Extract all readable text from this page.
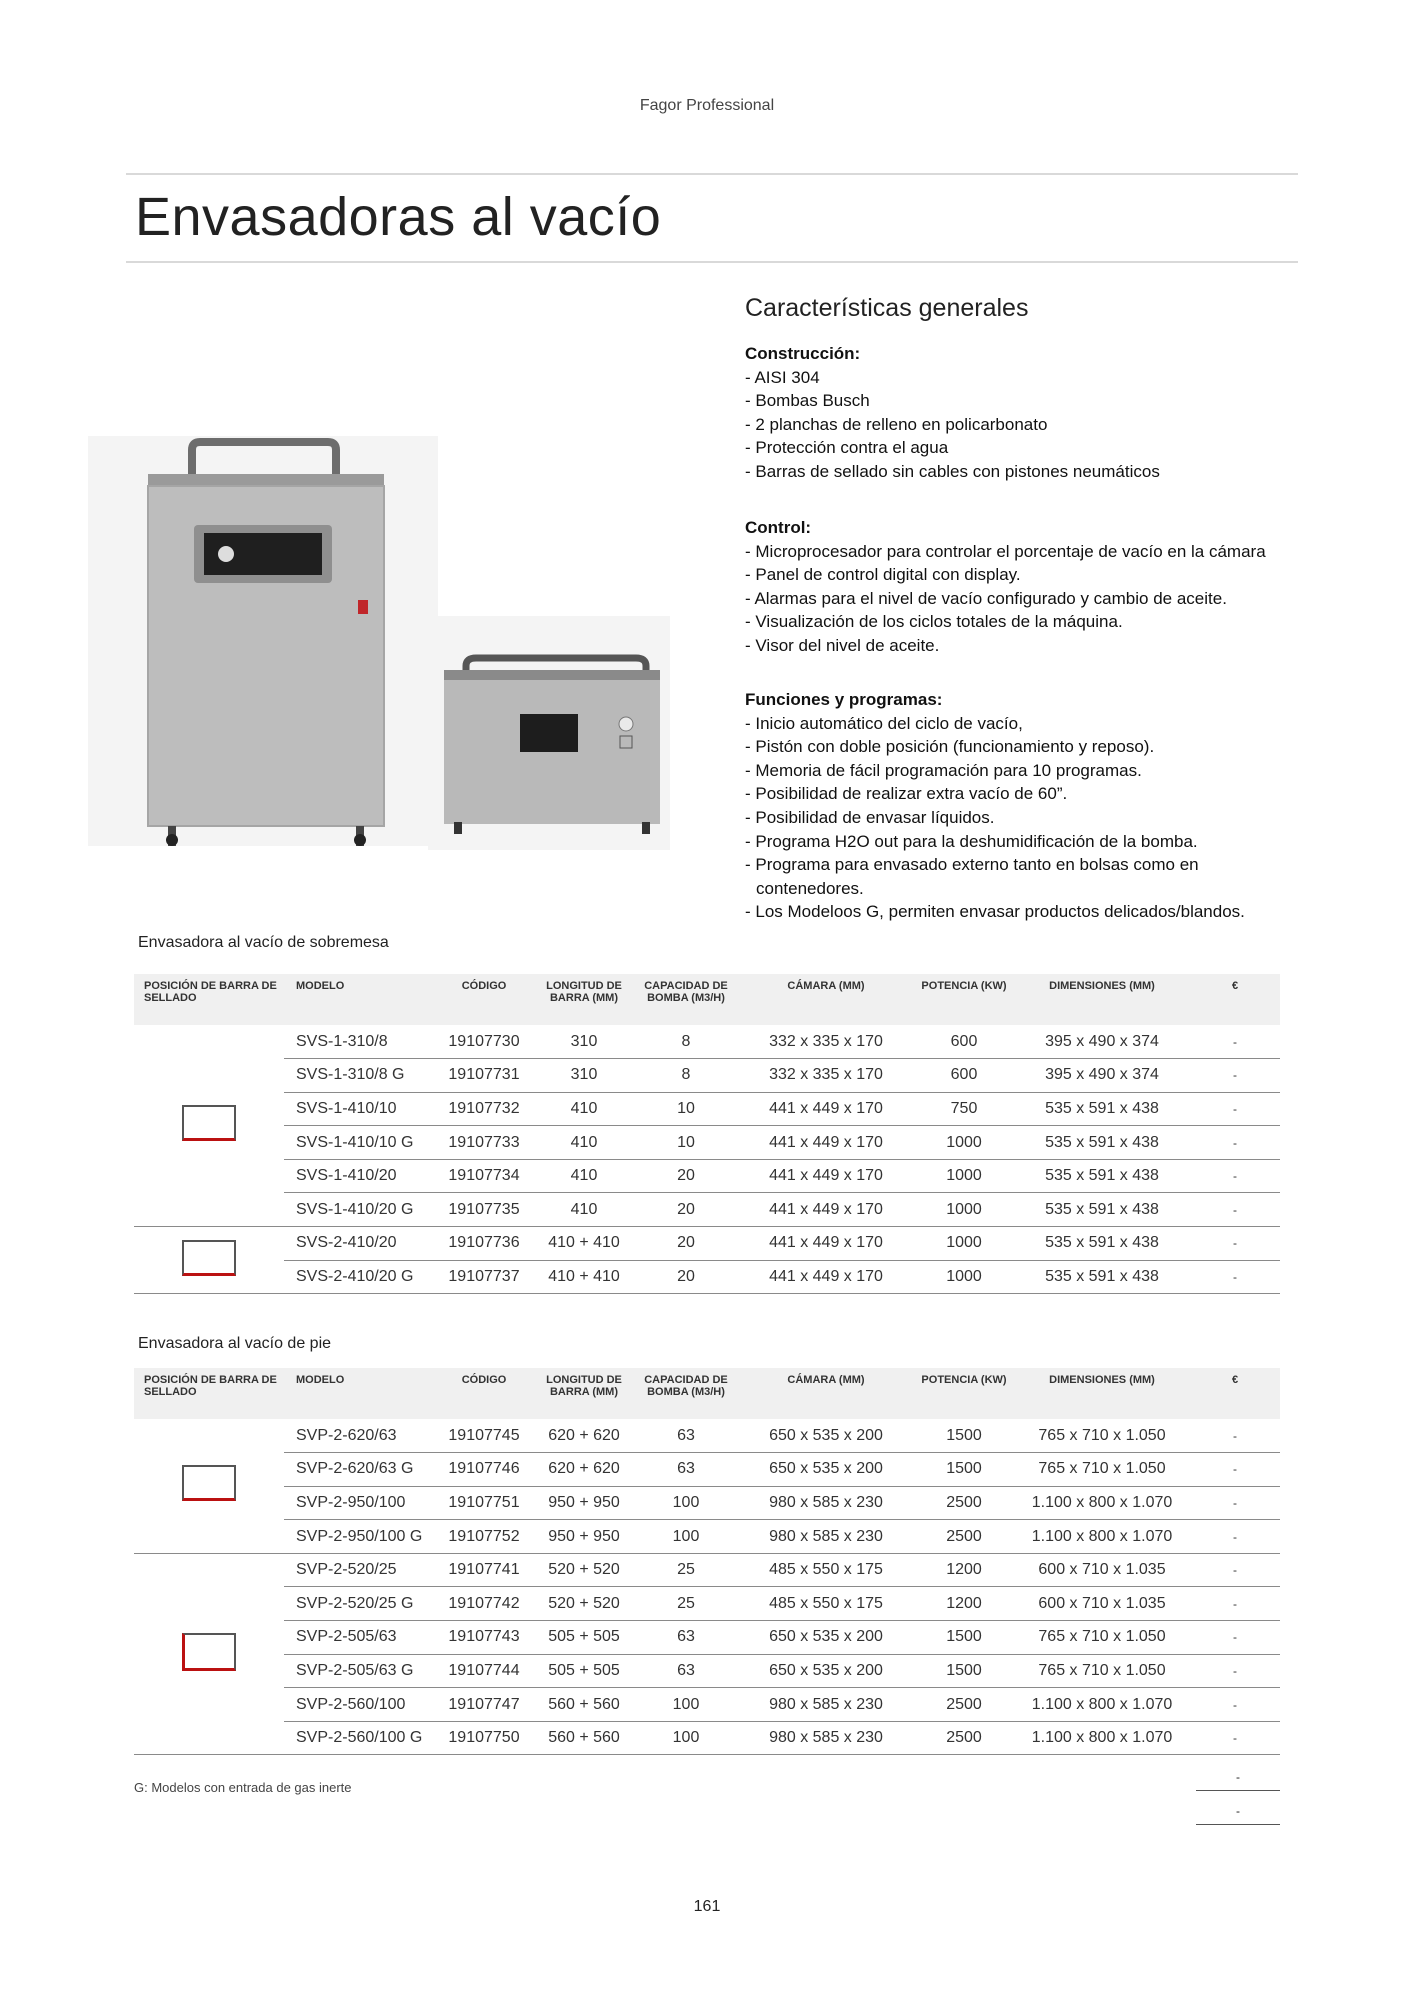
Fagor Professional
Envasadoras al vacío
Características generales
Construcción:
- AISI 304
- Bombas Busch
- 2 planchas de relleno en policarbonato
- Protección contra el agua
- Barras de sellado sin cables con pistones neumáticos
Control:
- Microprocesador para controlar el porcentaje de vacío en la cámara
- Panel de control digital con display.
- Alarmas para el nivel de vacío configurado y cambio de aceite.
- Visualización de los ciclos totales de la máquina.
- Visor del nivel de aceite.
Funciones y programas:
- Inicio automático del ciclo de vacío,
- Pistón con doble posición (funcionamiento y reposo).
- Memoria de fácil programación para 10 programas.
- Posibilidad de realizar extra vacío de 60”.
- Posibilidad de envasar líquidos.
- Programa H2O out para la deshumidificación de la bomba.
- Programa para envasado externo tanto en bolsas como en contenedores.
- Los Modeloos G, permiten envasar productos delicados/blandos.
Envasadora al vacío de sobremesa
POSICIÓN DE BARRA DE SELLADO	MODELO	CÓDIGO	LONGITUD DE BARRA (MM)	CAPACIDAD DE BOMBA (M3/H)	CÁMARA (MM)	POTENCIA (KW)	DIMENSIONES (MM)	€
	SVS-1-310/8	19107730	310	8	332 x 335 x 170	600	395 x 490 x 374	-
	SVS-1-310/8 G	19107731	310	8	332 x 335 x 170	600	395 x 490 x 374	-
	SVS-1-410/10	19107732	410	10	441 x 449 x 170	750	535 x 591 x 438	-
	SVS-1-410/10 G	19107733	410	10	441 x 449 x 170	1000	535 x 591 x 438	-
	SVS-1-410/20	19107734	410	20	441 x 449 x 170	1000	535 x 591 x 438	-
	SVS-1-410/20 G	19107735	410	20	441 x 449 x 170	1000	535 x 591 x 438	-
	SVS-2-410/20	19107736	410 + 410	20	441 x 449 x 170	1000	535 x 591 x 438	-
	SVS-2-410/20 G	19107737	410 + 410	20	441 x 449 x 170	1000	535 x 591 x 438	-
Envasadora al vacío de pie
POSICIÓN DE BARRA DE SELLADO	MODELO	CÓDIGO	LONGITUD DE BARRA (MM)	CAPACIDAD DE BOMBA (M3/H)	CÁMARA (MM)	POTENCIA (KW)	DIMENSIONES (MM)	€
	SVP-2-620/63	19107745	620 + 620	63	650 x 535 x 200	1500	765 x 710 x 1.050	-
	SVP-2-620/63 G	19107746	620 + 620	63	650 x 535 x 200	1500	765 x 710 x 1.050	-
	SVP-2-950/100	19107751	950 + 950	100	980 x 585 x 230	2500	1.100 x 800 x 1.070	-
	SVP-2-950/100 G	19107752	950 + 950	100	980 x 585 x 230	2500	1.100 x 800 x 1.070	-
	SVP-2-520/25	19107741	520 + 520	25	485 x 550 x 175	1200	600 x 710 x 1.035	-
	SVP-2-520/25 G	19107742	520 + 520	25	485 x 550 x 175	1200	600 x 710 x 1.035	-
	SVP-2-505/63	19107743	505 + 505	63	650 x 535 x 200	1500	765 x 710 x 1.050	-
	SVP-2-505/63 G	19107744	505 + 505	63	650 x 535 x 200	1500	765 x 710 x 1.050	-
	SVP-2-560/100	19107747	560 + 560	100	980 x 585 x 230	2500	1.100 x 800 x 1.070	-
	SVP-2-560/100 G	19107750	560 + 560	100	980 x 585 x 230	2500	1.100 x 800 x 1.070	-
G: Modelos con entrada de gas inerte
-
-
161
